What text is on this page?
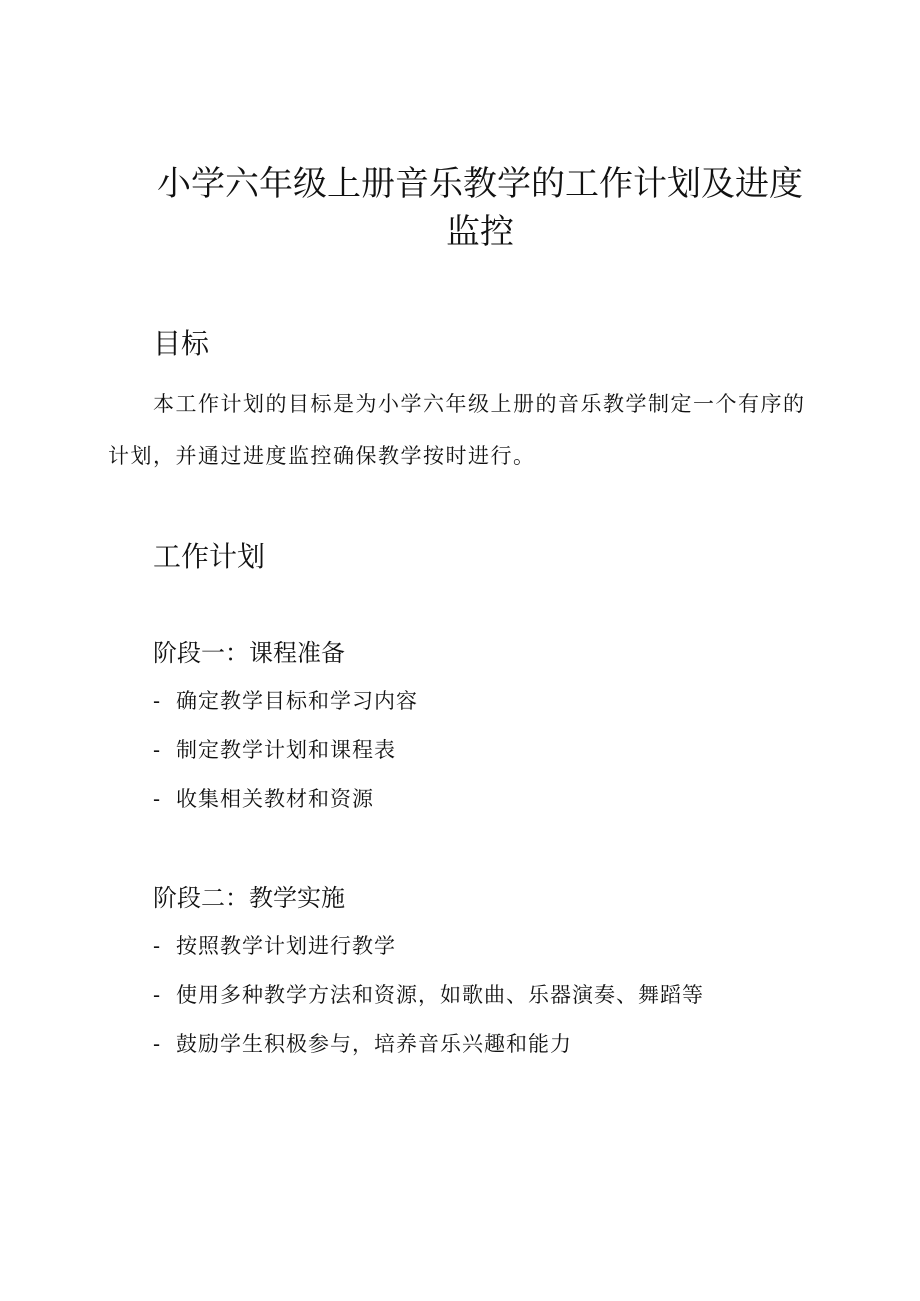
小学六年级上册音乐教学的工作计划及进度
监控
目标

本工作计划的目标是为小学六年级上册的音乐教学制定一个有序的计划，并通过进度监控确保教学按时进行。

工作计划
阶段一：课程准备
- 确定教学目标和学习内容
- 制定教学计划和课程表
- 收集相关教材和资源
阶段二：教学实施
- 按照教学计划进行教学
- 使用多种教学方法和资源，如歌曲、乐器演奏、舞蹈等
- 鼓励学生积极参与，培养音乐兴趣和能力
